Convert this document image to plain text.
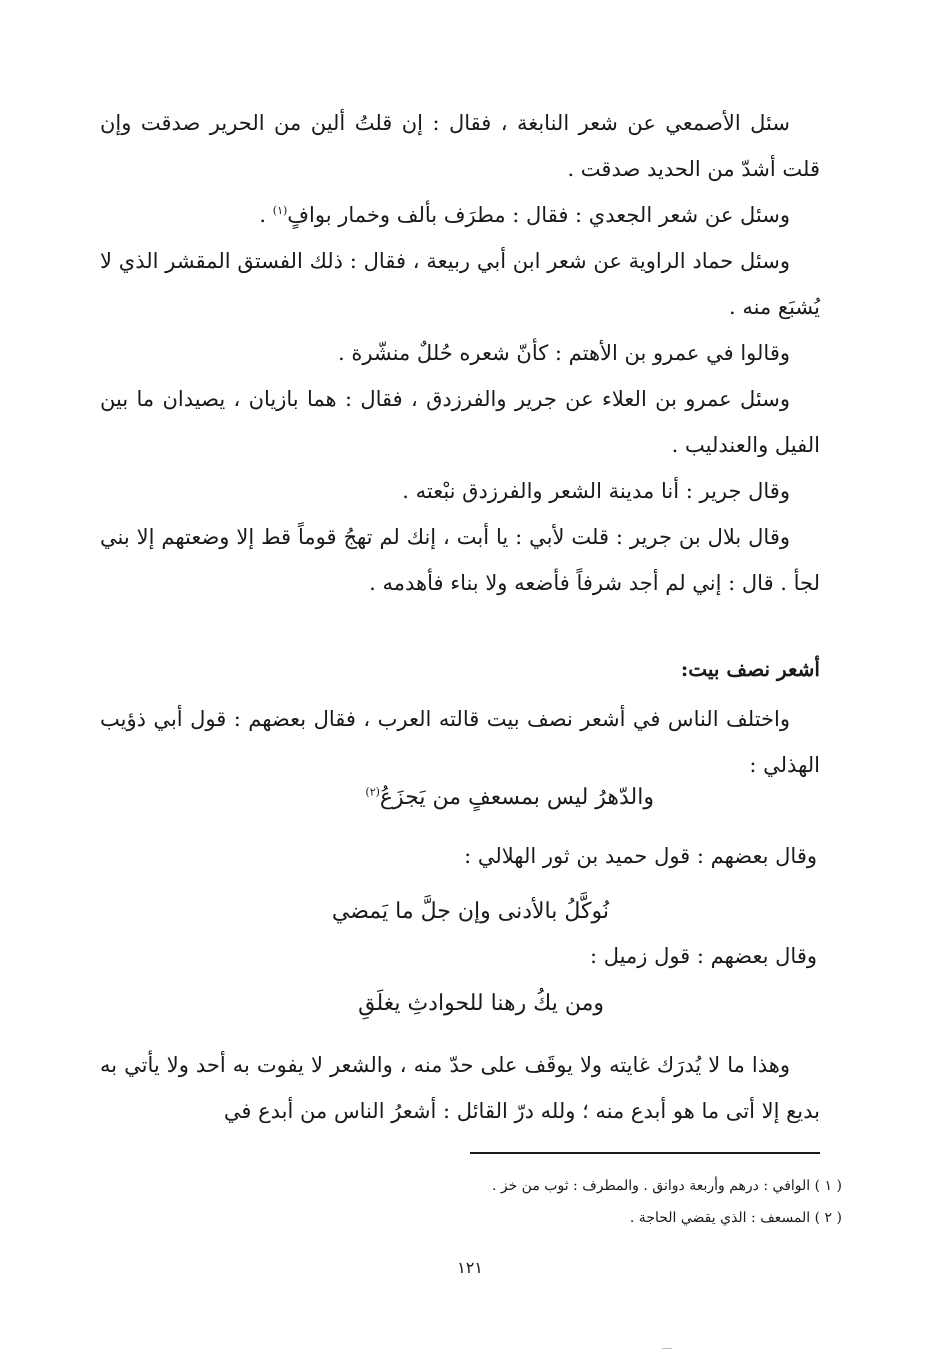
سئل الأصمعي عن شعر النابغة ، فقال : إن قلتُ ألين من الحرير صدقت وإن قلت أشدّ من الحديد صدقت .

وسئل عن شعر الجعدي : فقال : مطرَف بألف وخمار بوافٍ$^{(١)}$ .

وسئل حماد الراوية عن شعر ابن أبي ربيعة ، فقال : ذلك الفستق المقشر الذي لا يُشبَع منه .

وقالوا في عمرو بن الأهتم : كأنّ شعره حُللٌ منشّرة .

وسئل عمرو بن العلاء عن جرير والفرزدق ، فقال : هما بازيان ، يصيدان ما بين الفيل والعندليب .

وقال جرير : أنا مدينة الشعر والفرزدق نبْعته .

وقال بلال بن جرير : قلت لأبي : يا أبت ، إنك لم تهجُ قوماً قط إلا وضعتهم إلا بني لجأ . قال : إني لم أجد شرفاً فأضعه ولا بناء فأهدمه .

أشعر نصف بيت:

واختلف الناس في أشعر نصف بيت قالته العرب ، فقال بعضهم : قول أبي ذؤيب الهذلي :

والدّهرُ ليس بمسعفٍ من يَجزَعُ$^{(٢)}$
وقال بعضهم : قول حميد بن ثور الهلالي :
نُوكَّلُ بالأدنى وإن جلَّ ما يَمضي
وقال بعضهم : قول زميل :
ومن يكُ رهنا للحوادثِ يغلَقِ

وهذا ما لا يُدرَك غايته ولا يوقَف على حدّ منه ، والشعر لا يفوت به أحد ولا يأتي به بديع إلا أتى ما هو أبدع منه ؛ ولله درّ القائل : أشعرُ الناس من أبدع في

( ١ ) الوافي : درهم وأربعة دوانق . والمطرف : ثوب من خز .
( ٢ ) المسعف : الذي يقضي الحاجة .
١٢١
